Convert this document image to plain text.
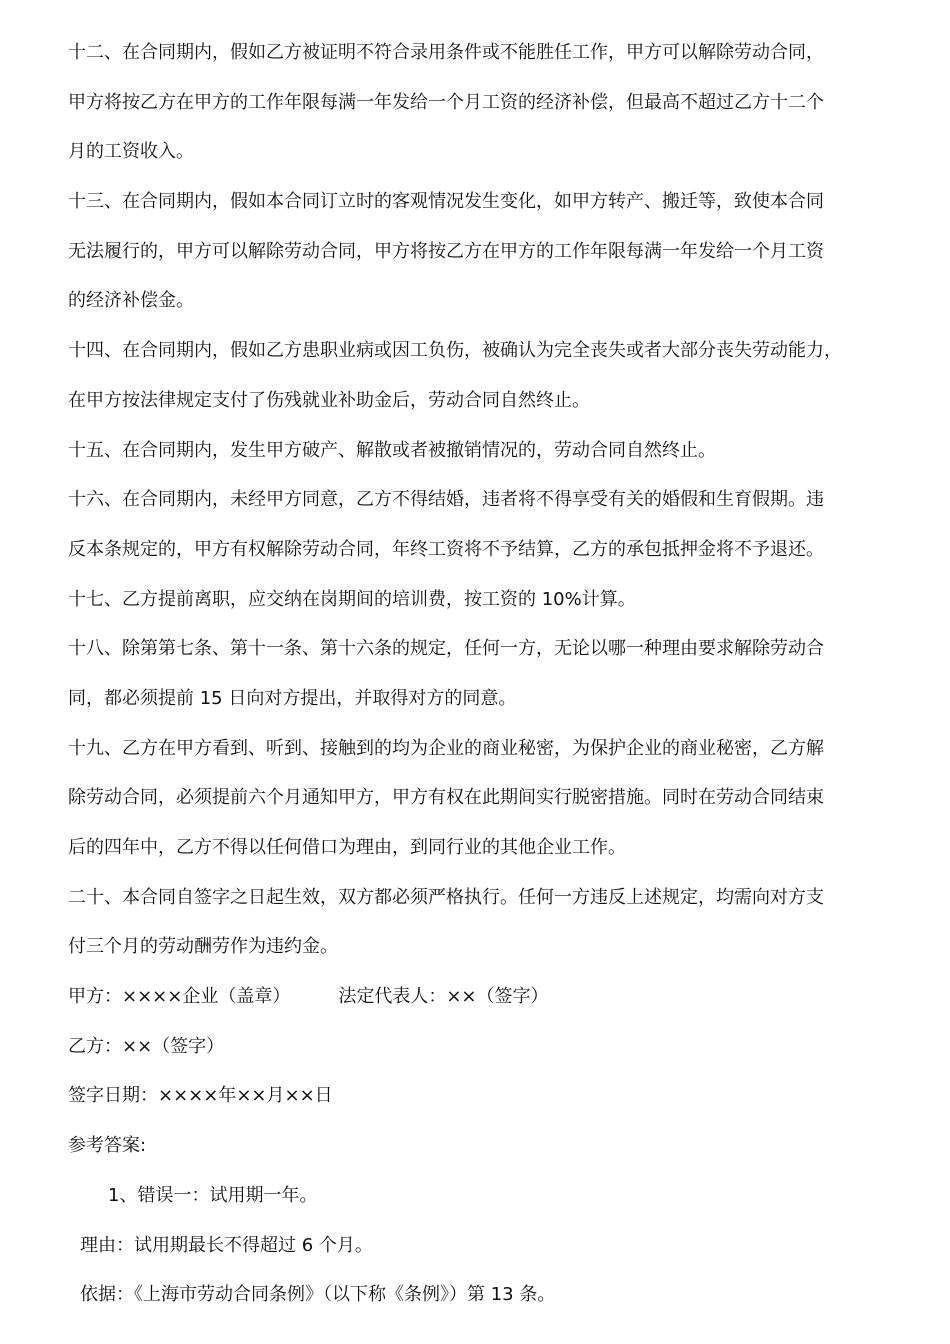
十二、在合同期内，假如乙方被证明不符合录用条件或不能胜任工作，甲方可以解除劳动合同，
甲方将按乙方在甲方的工作年限每满一年发给一个月工资的经济补偿，但最高不超过乙方十二个
月的工资收入。
十三、在合同期内，假如本合同订立时的客观情况发生变化，如甲方转产、搬迁等，致使本合同
无法履行的，甲方可以解除劳动合同，甲方将按乙方在甲方的工作年限每满一年发给一个月工资
的经济补偿金。
十四、在合同期内，假如乙方患职业病或因工负伤，被确认为完全丧失或者大部分丧失劳动能力，
在甲方按法律规定支付了伤残就业补助金后，劳动合同自然终止。
十五、在合同期内，发生甲方破产、解散或者被撤销情况的，劳动合同自然终止。
十六、在合同期内，未经甲方同意，乙方不得结婚，违者将不得享受有关的婚假和生育假期。违
反本条规定的，甲方有权解除劳动合同，年终工资将不予结算，乙方的承包抵押金将不予退还。
十七、乙方提前离职，应交纳在岗期间的培训费，按工资的 10%计算。
十八、除第第七条、第十一条、第十六条的规定，任何一方，无论以哪一种理由要求解除劳动合
同，都必须提前 15 日向对方提出，并取得对方的同意。
十九、乙方在甲方看到、听到、接触到的均为企业的商业秘密，为保护企业的商业秘密，乙方解
除劳动合同，必须提前六个月通知甲方，甲方有权在此期间实行脱密措施。同时在劳动合同结束
后的四年中，乙方不得以任何借口为理由，到同行业的其他企业工作。
二十、本合同自签字之日起生效，双方都必须严格执行。任何一方违反上述规定，均需向对方支
付三个月的劳动酬劳作为违约金。
甲方：××××企业（盖章）	法定代表人：××（签字）
乙方：××（签字）
签字日期：××××年××月××日
参考答案:
1、错误一：试用期一年。
理由：试用期最长不得超过 6 个月。
依据：《上海市劳动合同条例》（以下称《条例》）第 13 条。
